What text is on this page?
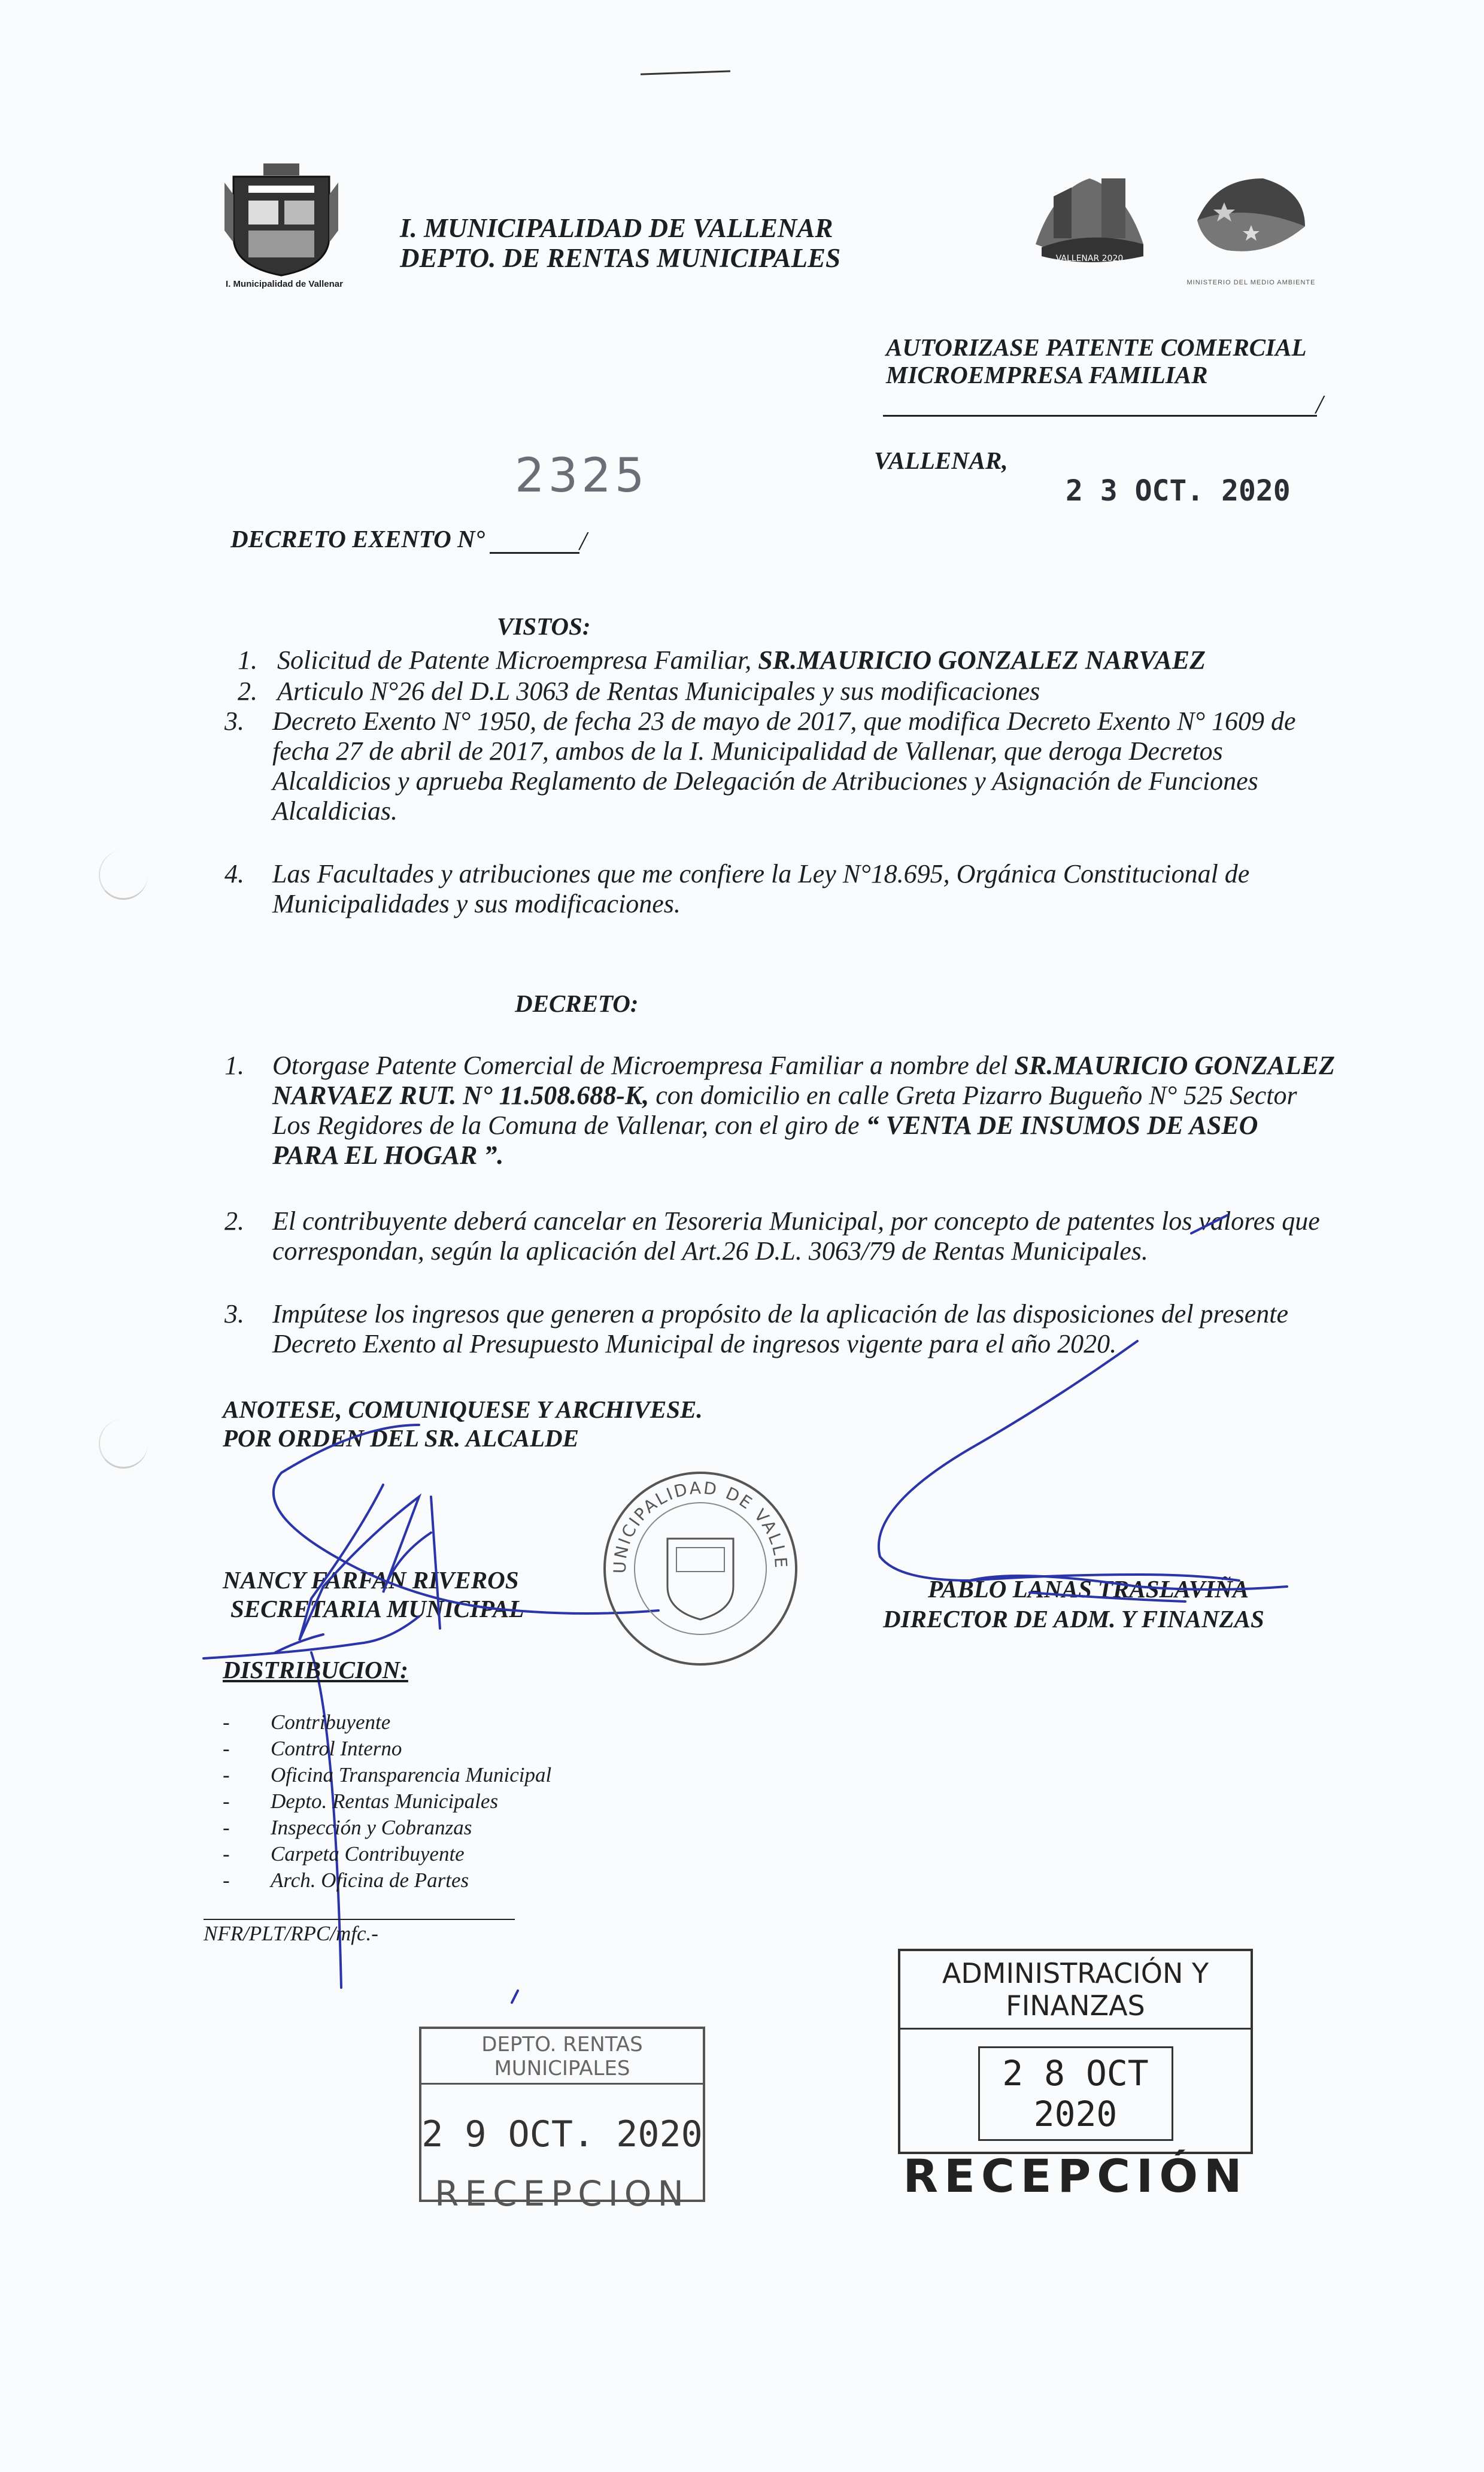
I. Municipalidad de Vallenar
I. MUNICIPALIDAD DE VALLENAR
DEPTO. DE RENTAS MUNICIPALES	VALLENAR 2020
MINISTERIO DEL MEDIO AMBIENTE
AUTORIZASE PATENTE COMERCIAL
MICROEMPRESA FAMILIAR
/
2325	VALLENAR,
2 3 OCT. 2020
DECRETO EXENTO N°	/
VISTOS:
1. Solicitud de Patente Microempresa Familiar, SR.MAURICIO GONZALEZ NARVAEZ
2. Articulo N°26 del D.L 3063 de Rentas Municipales y sus modificaciones
3.	Decreto Exento N° 1950, de fecha 23 de mayo de 2017, que modifica Decreto Exento N° 1609 de
fecha 27 de abril de 2017, ambos de la I. Municipalidad de Vallenar, que deroga Decretos
Alcaldicios y aprueba Reglamento de Delegación de Atribuciones y Asignación de Funciones
Alcaldicias.
4.	Las Facultades y atribuciones que me confiere la Ley N°18.695, Orgánica Constitucional de
Municipalidades y sus modificaciones.
DECRETO:
1.	Otorgase Patente Comercial de Microempresa Familiar a nombre del SR.MAURICIO GONZALEZ
NARVAEZ RUT. N° 11.508.688-K, con domicilio en calle Greta Pizarro Bugueño N° 525 Sector
Los Regidores de la Comuna de Vallenar, con el giro de “ VENTA DE INSUMOS DE ASEO
PARA EL HOGAR ”.
2.	El contribuyente deberá cancelar en Tesoreria Municipal, por concepto de patentes los valores que
correspondan, según la aplicación del Art.26 D.L. 3063/79 de Rentas Municipales.
3.	Impútese los ingresos que generen a propósito de la aplicación de las disposiciones del presente
Decreto Exento al Presupuesto Municipal de ingresos vigente para el año 2020.
ANOTESE, COMUNIQUESE Y ARCHIVESE.
POR ORDEN DEL SR. ALCALDE
NANCY FARFAN RIVEROS
SECRETARIA MUNICIPAL
PABLO LANAS TRASLAVIÑA
DIRECTOR DE ADM. Y FINANZAS
I. MUNICIPALIDAD DE VALLENAR
DISTRIBUCION:
- Contribuyente
- Control Interno
- Oficina Transparencia Municipal
- Depto. Rentas Municipales
- Inspección y Cobranzas
- Carpeta Contribuyente
- Arch. Oficina de Partes
NFR/PLT/RPC/mfc.-
DEPTO. RENTAS MUNICIPALES
2 9 OCT. 2020
RECEPCION
ADMINISTRACIÓN Y FINANZAS
2 8 OCT 2020
RECEPCIÓN
